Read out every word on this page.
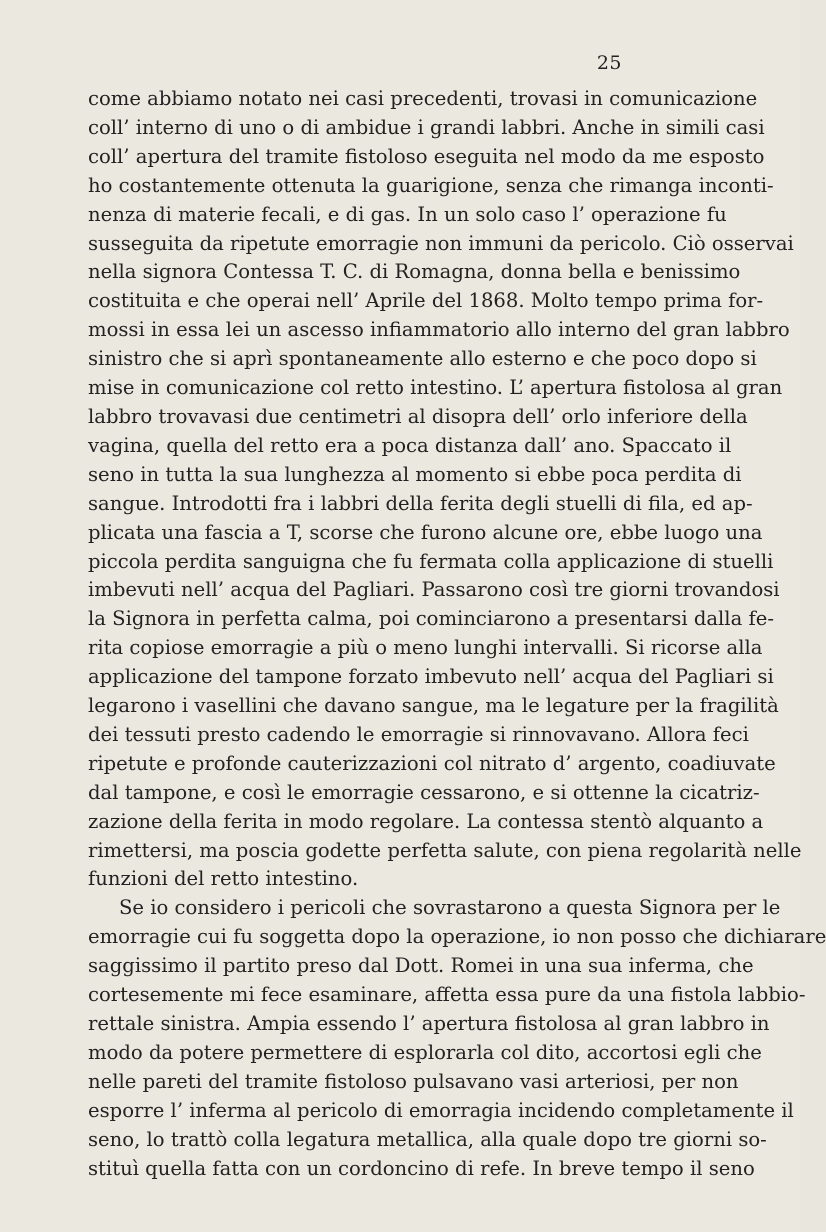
25
come abbiamo notato nei casi precedenti, trovasi in comunicazione
coll’ interno di uno o di ambidue i grandi labbri. Anche in simili casi
coll’ apertura del tramite fistoloso eseguita nel modo da me esposto
ho costantemente ottenuta la guarigione, senza che rimanga inconti-
nenza di materie fecali, e di gas. In un solo caso l’ operazione fu
susseguita da ripetute emorragie non immuni da pericolo. Ciò osservai
nella signora Contessa T. C. di Romagna, donna bella e benissimo
costituita e che operai nell’ Aprile del 1868. Molto tempo prima for-
mossi in essa lei un ascesso infiammatorio allo interno del gran labbro
sinistro che si aprì spontaneamente allo esterno e che poco dopo si
mise in comunicazione col retto intestino. L’ apertura fistolosa al gran
labbro trovavasi due centimetri al disopra dell’ orlo inferiore della
vagina, quella del retto era a poca distanza dall’ ano. Spaccato il
seno in tutta la sua lunghezza al momento si ebbe poca perdita di
sangue. Introdotti fra i labbri della ferita degli stuelli di fila, ed ap-
plicata una fascia a T, scorse che furono alcune ore, ebbe luogo una
piccola perdita sanguigna che fu fermata colla applicazione di stuelli
imbevuti nell’ acqua del Pagliari. Passarono così tre giorni trovandosi
la Signora in perfetta calma, poi cominciarono a presentarsi dalla fe-
rita copiose emorragie a più o meno lunghi intervalli. Si ricorse alla
applicazione del tampone forzato imbevuto nell’ acqua del Pagliari si
legarono i vasellini che davano sangue, ma le legature per la fragilità
dei tessuti presto cadendo le emorragie si rinnovavano. Allora feci
ripetute e profonde cauterizzazioni col nitrato d’ argento, coadiuvate
dal tampone, e così le emorragie cessarono, e si ottenne la cicatriz-
zazione della ferita in modo regolare. La contessa stentò alquanto a
rimettersi, ma poscia godette perfetta salute, con piena regolarità nelle
funzioni del retto intestino.
Se io considero i pericoli che sovrastarono a questa Signora per le
emorragie cui fu soggetta dopo la operazione, io non posso che dichiarare
saggissimo il partito preso dal Dott. Romei in una sua inferma, che
cortesemente mi fece esaminare, affetta essa pure da una fistola labbio-
rettale sinistra. Ampia essendo l’ apertura fistolosa al gran labbro in
modo da potere permettere di esplorarla col dito, accortosi egli che
nelle pareti del tramite fistoloso pulsavano vasi arteriosi, per non
esporre l’ inferma al pericolo di emorragia incidendo completamente il
seno, lo trattò colla legatura metallica, alla quale dopo tre giorni so-
stituì quella fatta con un cordoncino di refe. In breve tempo il seno
